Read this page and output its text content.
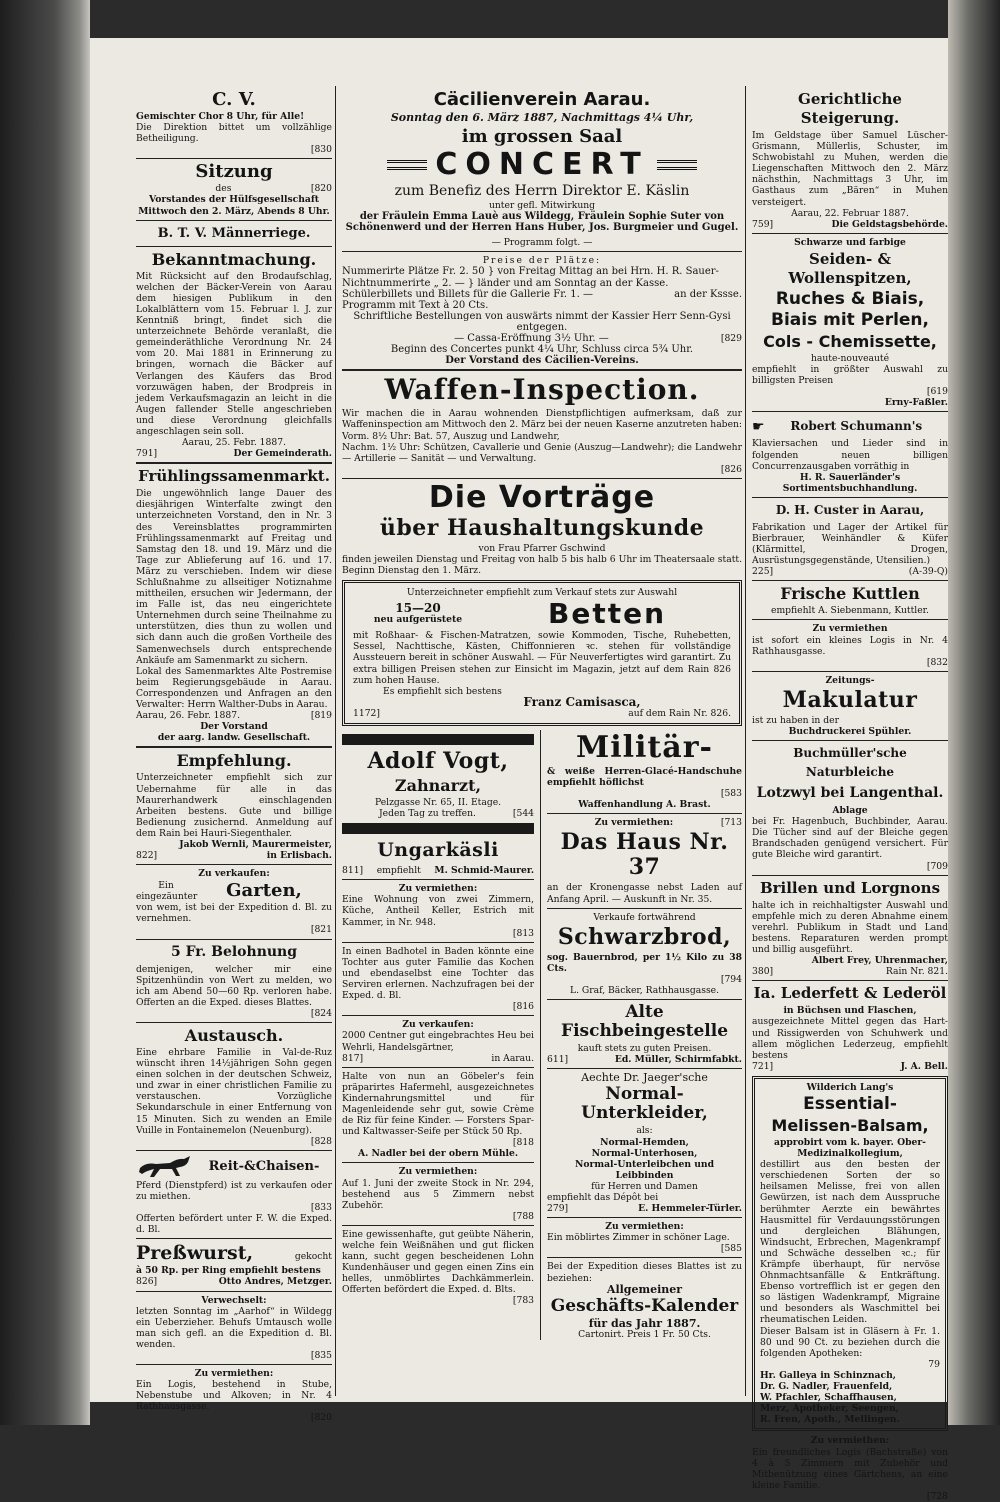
C. V.

Gemischter Chor 8 Uhr, für Alle!

Die Direktion bittet um vollzählige Betheiligung.

[830

Sitzung
des	[820

Vorstandes der Hülfsgesellschaft

Mittwoch den 2. März, Abends 8 Uhr.

B. T. V. Männerriege.
Bekanntmachung.

Mit Rücksicht auf den Brodaufschlag, welchen der Bäcker-Verein von Aarau dem hiesigen Publikum in den Lokalblättern vom 15. Februar l. J. zur Kenntniß bringt, findet sich die unterzeichnete Behörde veranlaßt, die gemeinderäthliche Verordnung Nr. 24 vom 20. Mai 1881 in Erinnerung zu bringen, wornach die Bäcker auf Verlangen des Käufers das Brod vorzuwägen haben, der Brodpreis in jedem Verkaufsmagazin an leicht in die Augen fallender Stelle angeschrieben und diese Verordnung gleichfalls angeschlagen sein soll.

Aarau, 25. Febr. 1887.

791]	Der Gemeinderath.
Frühlingssamenmarkt.

Die ungewöhnlich lange Dauer des diesjährigen Winterfalte zwingt den unterzeichneten Vorstand, den in Nr. 3 des Vereinsblattes programmirten Frühlingssamenmarkt auf Freitag und Samstag den 18. und 19. März und die Tage zur Ablieferung auf 16. und 17. März zu verschieben. Indem wir diese Schlußnahme zu allseitiger Notiznahme mittheilen, ersuchen wir Jedermann, der im Falle ist, das neu eingerichtete Unternehmen durch seine Theilnahme zu unterstützen, dies thun zu wollen und sich dann auch die großen Vortheile des Samenwechsels durch entsprechende Ankäufe am Samenmarkt zu sichern.

Lokal des Samenmarktes Alte Postremise beim Regierungsgebäude in Aarau. Correspondenzen und Anfragen an den Verwalter: Herrn Walther-Dubs in Aarau.

Aarau, 26. Febr. 1887.	[819

Der Vorstand

der aarg. landw. Gesellschaft.

Empfehlung.

Unterzeichneter empfiehlt sich zur Uebernahme für alle in das Maurerhandwerk einschlagenden Arbeiten bestens. Gute und billige Bedienung zusichernd. Anmeldung auf dem Rain bei Hauri-Siegenthaler.

Jakob Wernli, Maurermeister,

822]	in Erlisbach.

Zu verkaufen:

Ein eingezäunter	Garten,

von wem, ist bei der Expedition d. Bl. zu vernehmen.

[821

5 Fr. Belohnung

demjenigen, welcher mir eine Spitzenhündin von Wert zu melden, wo ich am Abend 50—60 Rp. verloren habe. Offerten an die Exped. dieses Blattes.

[824

Austausch.

Eine ehrbare Familie in Val-de-Ruz wünscht ihren 14½jährigen Sohn gegen einen solchen in der deutschen Schweiz, und zwar in einer christlichen Familie zu verstauschen. Vorzügliche Sekundarschule in einer Entfernung von 15 Minuten. Sich zu wenden an Emile Vuille in Fontainemelon (Neuenburg).

[828

Reit-&Chaisen-

Pferd (Dienstpferd) ist zu verkaufen oder zu miethen.

[833

Offerten befördert unter F. W. die Exped. d. Bl.

Preßwurst,	gekocht

à 50 Rp. per Ring empfiehlt bestens

826]	Otto Andres, Metzger.

Verwechselt:

letzten Sonntag im „Aarhof“ in Wildegg ein Ueberzieher. Behufs Umtausch wolle man sich gefl. an die Expedition d. Bl. wenden.

[835

Zu vermiethen:

Ein Logis, bestehend in Stube, Nebenstube und Alkoven; in Nr. 4 Rathhausgasse.

[820

Cäcilienverein Aarau.

Sonntag den 6. März 1887, Nachmittags 4¼ Uhr,

im grossen Saal
CONCERT

zum Benefiz des Herrn Direktor E. Käslin

unter gefl. Mitwirkung

der Fräulein Emma Lauè aus Wildegg, Fräulein Sophie Suter von Schönenwerd und der Herren Hans Huber, Jos. Burgmeier und Gugel.

— Programm folgt. —

Preise der Plätze:

Nummerirte Plätze Fr. 2. 50 } von Freitag Mittag an bei Hrn. H. R. Sauer-

Nichtnummerirte „ 2. — } länder und am Sonntag an der Kasse.

Schülerbillets und Billets für die Gallerie Fr. 1. —	an der Kssse.

Programm mit Text à 20 Cts.

Schriftliche Bestellungen von auswärts nimmt der Kassier Herr Senn-Gysi entgegen.

— Cassa-Eröffnung 3½ Uhr. —	[829

Beginn des Concertes punkt 4¼ Uhr, Schluss circa 5¾ Uhr.

Der Vorstand des Cäcilien-Vereins.

Waffen-Inspection.

Wir machen die in Aarau wohnenden Dienstpflichtigen aufmerksam, daß zur Waffeninspection am Mittwoch den 2. März bei der neuen Kaserne anzutreten haben:

Vorm. 8½ Uhr: Bat. 57, Auszug und Landwehr,

Nachm. 1½ Uhr: Schützen, Cavallerie und Genie (Auszug—Landwehr); die Landwehr — Artillerie — Sanität — und Verwaltung.

[826

Die Vorträge
über Haushaltungskunde

von Frau Pfarrer Gschwind

finden jeweilen Dienstag und Freitag von halb 5 bis halb 6 Uhr im Theatersaale statt. Beginn Dienstag den 1. März.

Unterzeichneter empfiehlt zum Verkauf stets zur Auswahl

15—20

neu aufgerüstete	Betten

mit Roßhaar- & Fischen-Matratzen, sowie Kommoden, Tische, Ruhebetten, Sessel, Nachttische, Kästen, Chiffonnieren ꝛc. stehen für vollständige Aussteuern bereit in schöner Auswahl. — Für Neuverfertigtes wird garantirt. Zu extra billigen Preisen stehen zur Einsicht im Magazin, jetzt auf dem Rain 826 zum hohen Hause.

Es empfiehlt sich bestens

Franz Camisasca,

1172]	auf dem Rain Nr. 826.
Adolf Vogt,
Zahnarzt,

Pelzgasse Nr. 65, II. Etage.

Jeden Tag zu treffen.	[544
Ungarkäsli
811] empfiehlt M. Schmid-Maurer.

Zu vermiethen:

Eine Wohnung von zwei Zimmern, Küche, Antheil Keller, Estrich mit Kammer, in Nr. 948.

[813

In einen Badhotel in Baden könnte eine Tochter aus guter Familie das Kochen und ebendaselbst eine Tochter das Serviren erlernen. Nachzufragen bei der Exped. d. Bl.

[816

Zu verkaufen:

2000 Centner gut eingebrachtes Heu bei Wehrli, Handelsgärtner,

817]	in Aarau.

Halte von nun an Göbeler's fein präparirtes Hafermehl, ausgezeichnetes Kindernahrungsmittel und für Magenleidende sehr gut, sowie Crème de Riz für feine Kinder. — Forsters Spar- und Kaltwasser-Seife per Stück 50 Rp.

[818

A. Nadler bei der obern Mühle.

Zu vermiethen:

Auf 1. Juni der zweite Stock in Nr. 294, bestehend aus 5 Zimmern nebst Zubehör.

[788

Eine gewissenhafte, gut geübte Näherin, welche fein Weißnähen und gut flicken kann, sucht gegen bescheidenen Lohn Kundenhäuser und gegen einen Zins ein helles, unmöblirtes Dachkämmerlein. Offerten befördert die Exped. d. Blts.

[783

Militär-

& weiße Herren-Glacé-Handschuhe empfiehlt höflichst

[583

Waffenhandlung A. Brast.

Zu vermiethen:	[713
Das Haus Nr. 37

an der Kronengasse nebst Laden auf Anfang April. — Auskunft in Nr. 35.

Verkaufe fortwährend

Schwarzbrod,

sog. Bauernbrod, per 1½ Kilo zu 38 Cts.

[794

L. Graf, Bäcker, Rathhausgasse.

Alte Fischbeingestelle

kauft stets zu guten Preisen.

611]	Ed. Müller, Schirmfabkt.

Aechte Dr. Jaeger'sche

Normal-Unterkleider,

als:

Normal-Hemden,

Normal-Unterhosen,

Normal-Unterleibchen und

Leibbinden

für Herren und Damen

empfiehlt das Dépôt bei

279]	E. Hemmeler-Türler.

Zu vermiethen:

Ein möblirtes Zimmer in schöner Lage.

[585

Bei der Expedition dieses Blattes ist zu beziehen:

Allgemeiner

Geschäfts-Kalender

für das Jahr 1887.

Cartonirt. Preis 1 Fr. 50 Cts.

Gerichtliche Steigerung.

Im Geldstage über Samuel Lüscher-Grismann, Müllerlis, Schuster, im Schwobistahl zu Muhen, werden die Liegenschaften Mittwoch den 2. März nächsthin, Nachmittags 3 Uhr, im Gasthaus zum „Bären“ in Muhen versteigert.

Aarau, 22. Februar 1887.

759]	Die Geldstagsbehörde.

Schwarze und farbige

Seiden- & Wollenspitzen,
Ruches & Biais,
Biais mit Perlen,
Cols - Chemissette,

haute-nouveauté

empfiehlt in größter Auswahl zu billigsten Preisen

[619

Erny-Faßler.

☛	Robert Schumann's

Klaviersachen und Lieder sind in folgenden neuen billigen Concurrenzausgaben vorräthig in

H. R. Sauerländer's Sortimentsbuchhandlung.

D. H. Custer in Aarau,

Fabrikation und Lager der Artikel für Bierbrauer, Weinhändler & Küfer (Klärmittel, Drogen, Ausrüstungsgegenstände, Utensilien.)

225]	(A-39-Q)
Frische Kuttlen

empfiehlt A. Siebenmann, Kuttler.

Zu vermiethen

ist sofort ein kleines Logis in Nr. 4 Rathhausgasse.

[832

Zeitungs-

Makulatur

ist zu haben in der

Buchdruckerei Spühler.

Buchmüller'sche Naturbleiche
Lotzwyl bei Langenthal.

Ablage

bei Fr. Hagenbuch, Buchbinder, Aarau. Die Tücher sind auf der Bleiche gegen Brandschaden genügend versichert. Für gute Bleiche wird garantirt.

[709

Brillen und Lorgnons

halte ich in reichhaltigster Auswahl und empfehle mich zu deren Abnahme einem verehrl. Publikum in Stadt und Land bestens. Reparaturen werden prompt und billig ausgeführt.

Albert Frey, Uhrenmacher,

380]	Rain Nr. 821.
Ia. Lederfett & Lederöl

in Büchsen und Flaschen,

ausgezeichnete Mittel gegen das Hart- und Rissigwerden von Schuhwerk und allem möglichen Lederzeug, empfiehlt bestens

721]	J. A. Bell.

Wilderich Lang's

Essential-
Melissen-Balsam,

approbirt vom k. bayer. Ober-Medizinalkollegium,

destillirt aus den besten der verschiedenen Sorten der so heilsamen Melisse, frei von allen Gewürzen, ist nach dem Ausspruche berühmter Aerzte ein bewährtes Hausmittel für Verdauungsstörungen und dergleichen Blähungen, Windsucht, Erbrechen, Magenkrampf und Schwäche desselben ꝛc.; für Krämpfe überhaupt, für nervöse Ohnmachtsanfälle & Entkräftung. Ebenso vortrefflich ist er gegen den so lästigen Wadenkrampf, Migraine und besonders als Waschmittel bei rheumatischen Leiden.

Dieser Balsam ist in Gläsern à Fr. 1. 80 und 90 Ct. zu beziehen durch die folgenden Apotheken:

79

Hr. Galleya in Schinznach,

Dr. G. Nadler, Frauenfeld,

W. Pfachler, Schaffhausen,

Merz, Apotheker, Seengen,

R. Fren, Apoth., Mellingen.

Zu vermiethen:

Ein freundliches Logis (Bachstraße) von 4 à 5 Zimmern mit Zubehör und Mitbenützung eines Gärtchens, an eine kleine Familie.

[728
